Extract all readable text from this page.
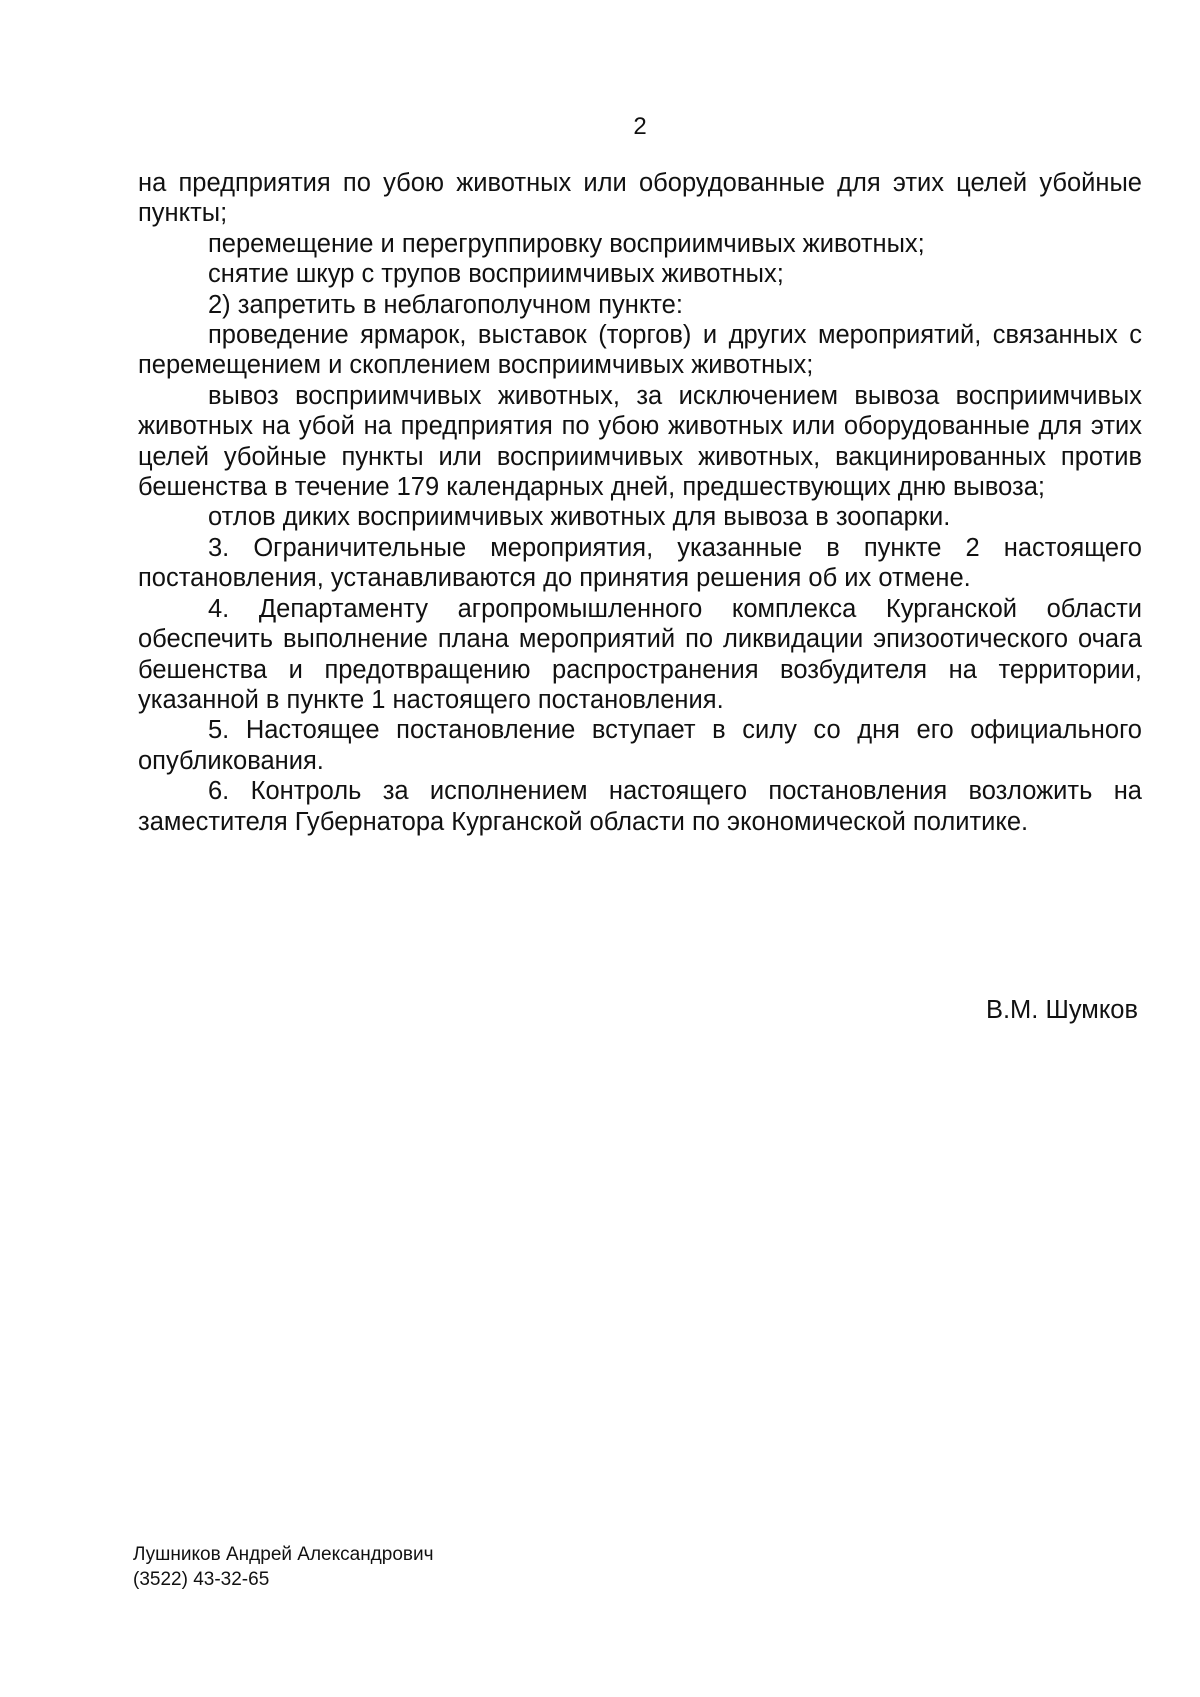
2

на предприятия по убою животных или оборудованные для этих целей убойные пункты;

перемещение и перегруппировку восприимчивых животных;

снятие шкур с трупов восприимчивых животных;

2) запретить в неблагополучном пункте:

проведение ярмарок, выставок (торгов) и других мероприятий, связанных с перемещением и скоплением восприимчивых животных;

вывоз восприимчивых животных, за исключением вывоза восприимчивых животных на убой на предприятия по убою животных или оборудованные для этих целей убойные пункты или восприимчивых животных, вакцинированных против бешенства в течение 179 календарных дней, предшествующих дню вывоза;

отлов диких восприимчивых животных для вывоза в зоопарки.

3. Ограничительные мероприятия, указанные в пункте 2 настоящего постановления, устанавливаются до принятия решения об их отмене.

4. Департаменту агропромышленного комплекса Курганской области обеспечить выполнение плана мероприятий по ликвидации эпизоотического очага бешенства и предотвращению распространения возбудителя на территории, указанной в пункте 1 настоящего постановления.

5. Настоящее постановление вступает в силу со дня его официального опубликования.

6. Контроль за исполнением настоящего постановления возложить на заместителя Губернатора Курганской области по экономической политике.

В.М. Шумков
Лушников Андрей Александрович
(3522) 43-32-65
